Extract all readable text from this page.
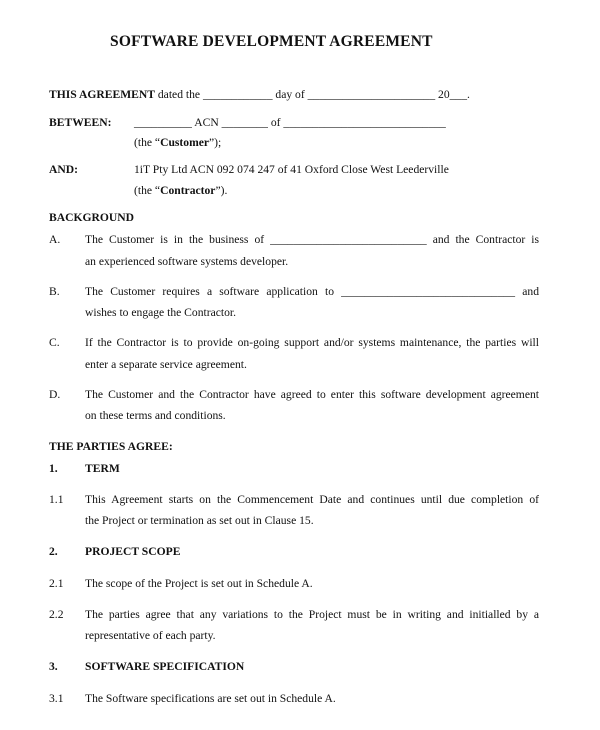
SOFTWARE DEVELOPMENT AGREEMENT
THIS AGREEMENT dated the ____________ day of ______________________ 20___.
BETWEEN: __________ ACN ________ of ____________________________
(the “Customer”);
AND:	1iT Pty Ltd ACN 092 074 247 of 41 Oxford Close West Leederville
(the “Contractor”).
BACKGROUND
A. The Customer is in the business of ___________________________ and the Contractor is
an experienced software systems developer.
B. The Customer requires a software application to ______________________________ and
wishes to engage the Contractor.
C. If the Contractor is to provide on-going support and/or systems maintenance, the parties will
enter a separate service agreement.
D. The Customer and the Contractor have agreed to enter this software development agreement
on these terms and conditions.
THE PARTIES AGREE:
1. TERM
1.1 This Agreement starts on the Commencement Date and continues until due completion of
the Project or termination as set out in Clause 15.
2. PROJECT SCOPE
2.1 The scope of the Project is set out in Schedule A.
2.2 The parties agree that any variations to the Project must be in writing and initialled by a
representative of each party.
3. SOFTWARE SPECIFICATION
3.1 The Software specifications are set out in Schedule A.
